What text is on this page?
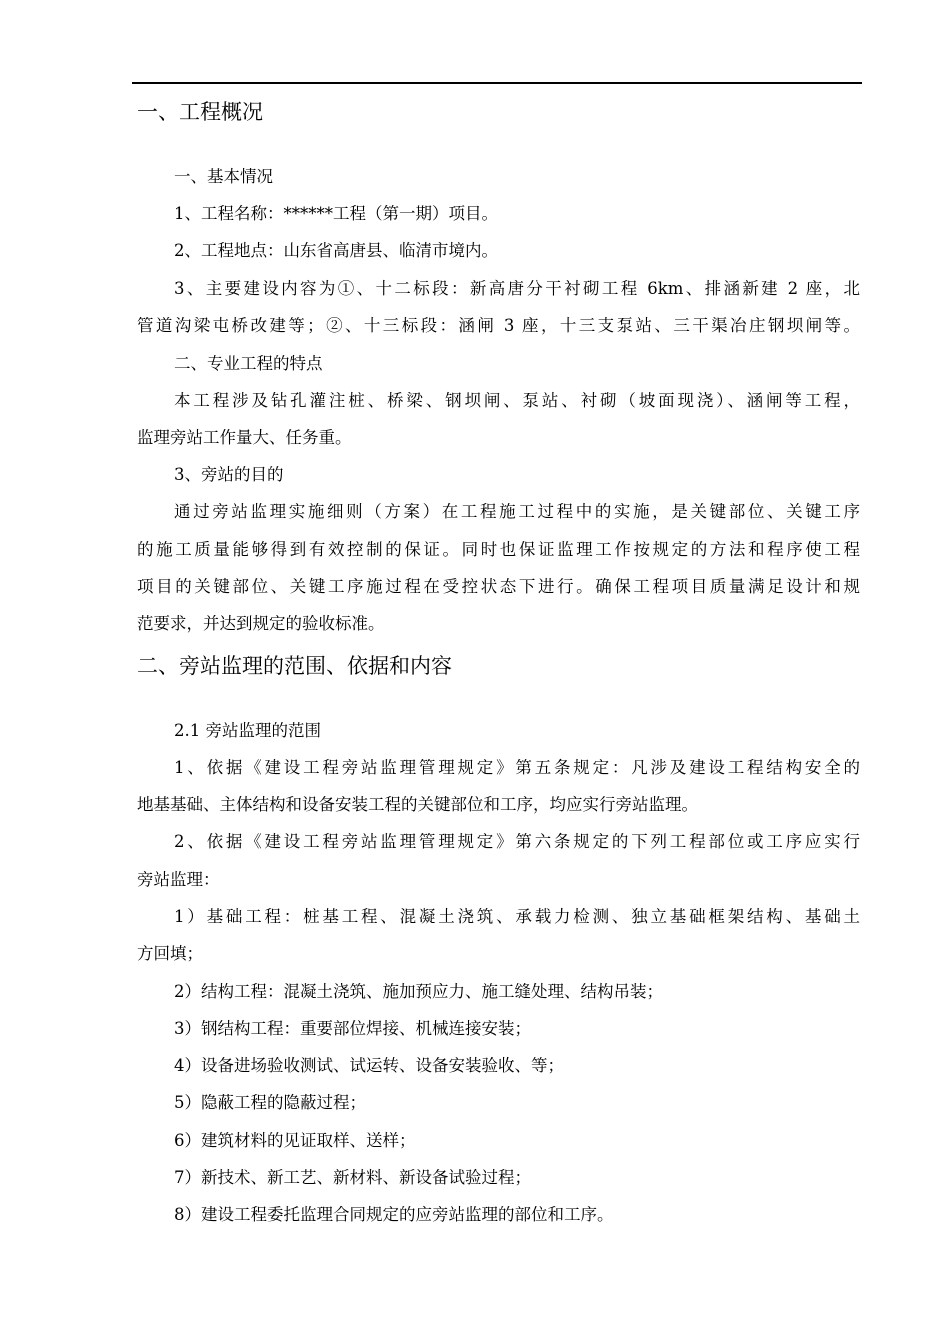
一、工程概况
一、基本情况
1、工程名称：******工程（第一期）项目。
2、工程地点：山东省高唐县、临清市境内。
3、主要建设内容为①、十二标段：新高唐分干衬砌工程 6km、排涵新建 2 座，北
管道沟梁屯桥改建等；②、十三标段：涵闸 3 座，十三支泵站、三干渠冶庄钢坝闸等。
二、专业工程的特点
本工程涉及钻孔灌注桩、桥梁、钢坝闸、泵站、衬砌（坡面现浇）、涵闸等工程，
监理旁站工作量大、任务重。
3、旁站的目的
通过旁站监理实施细则（方案）在工程施工过程中的实施，是关键部位、关键工序
的施工质量能够得到有效控制的保证。同时也保证监理工作按规定的方法和程序使工程
项目的关键部位、关键工序施过程在受控状态下进行。确保工程项目质量满足设计和规
范要求，并达到规定的验收标准。
二、旁站监理的范围、依据和内容
2.1 旁站监理的范围
1、依据《建设工程旁站监理管理规定》第五条规定：凡涉及建设工程结构安全的
地基基础、主体结构和设备安装工程的关键部位和工序，均应实行旁站监理。
2、依据《建设工程旁站监理管理规定》第六条规定的下列工程部位或工序应实行
旁站监理：
1）基础工程：桩基工程、混凝土浇筑、承载力检测、独立基础框架结构、基础土
方回填；
2）结构工程：混凝土浇筑、施加预应力、施工缝处理、结构吊装；
3）钢结构工程：重要部位焊接、机械连接安装；
4）设备进场验收测试、试运转、设备安装验收、等；
5）隐蔽工程的隐蔽过程；
6）建筑材料的见证取样、送样；
7）新技术、新工艺、新材料、新设备试验过程；
8）建设工程委托监理合同规定的应旁站监理的部位和工序。
